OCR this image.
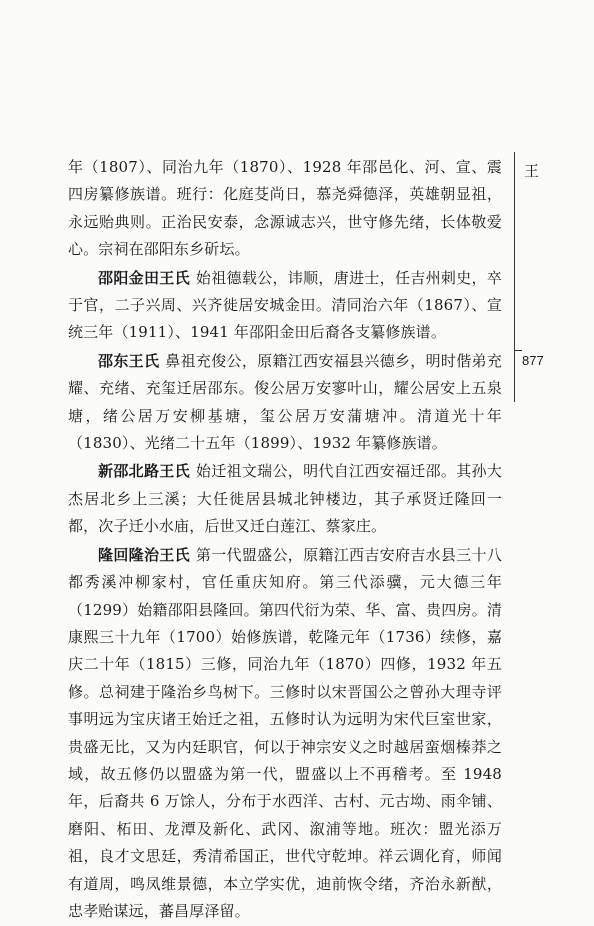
年（1807）、同治九年（1870）、1928 年邵邑化、河、宣、震四房纂修族谱。班行：化庭芟尚日，慕尧舜德泽，英雄朝显祖，永远贻典则。正治民安泰，念源诚志兴，世守修先绪，长体敬爱心。宗祠在邵阳东乡斫坛。

邵阳金田王氏 始祖德载公，讳顺，唐进士，任吉州刺史，卒于官，二子兴周、兴齐徙居安城金田。清同治六年（1867）、宣统三年（1911）、1941 年邵阳金田后裔各支纂修族谱。

邵东王氏 鼻祖充俊公，原籍江西安福县兴德乡，明时偕弟充耀、充绪、充玺迁居邵东。俊公居万安寥叶山，耀公居安上五泉塘，绪公居万安柳基塘，玺公居万安蒲塘冲。清道光十年（1830）、光绪二十五年（1899）、1932 年纂修族谱。

新邵北路王氏 始迁祖文瑞公，明代自江西安福迁邵。其孙大杰居北乡上三溪；大任徙居县城北钟楼边，其子承贤迁隆回一都，次子迁小水庙，后世又迁白莲江、蔡家庄。

隆回隆治王氏 第一代盟盛公，原籍江西吉安府吉水县三十八都秀溪冲柳家村，官任重庆知府。第三代添骥，元大德三年（1299）始籍邵阳县隆回。第四代衍为荣、华、富、贵四房。清康熙三十九年（1700）始修族谱，乾隆元年（1736）续修，嘉庆二十年（1815）三修，同治九年（1870）四修，1932 年五修。总祠建于隆治乡鸟树下。三修时以宋晋国公之曾孙大理寺评事明远为宝庆诸王始迁之祖，五修时认为远明为宋代巨室世家，贵盛无比，又为内廷职官，何以于神宗安义之时越居蛮烟榛莽之域，故五修仍以盟盛为第一代，盟盛以上不再稽考。至 1948 年，后裔共 6 万馀人，分布于水西洋、古村、元古坳、雨伞铺、磨阳、柘田、龙潭及新化、武冈、溆浦等地。班次：盟光添万祖，良才文思廷，秀清希国正，世代守乾坤。祥云调化育，师闻有道周，鸣凤维景德，本立学实优，迪前恢令绪，齐治永新猷，忠孝贻谋远，蕃昌厚泽留。

王
877
